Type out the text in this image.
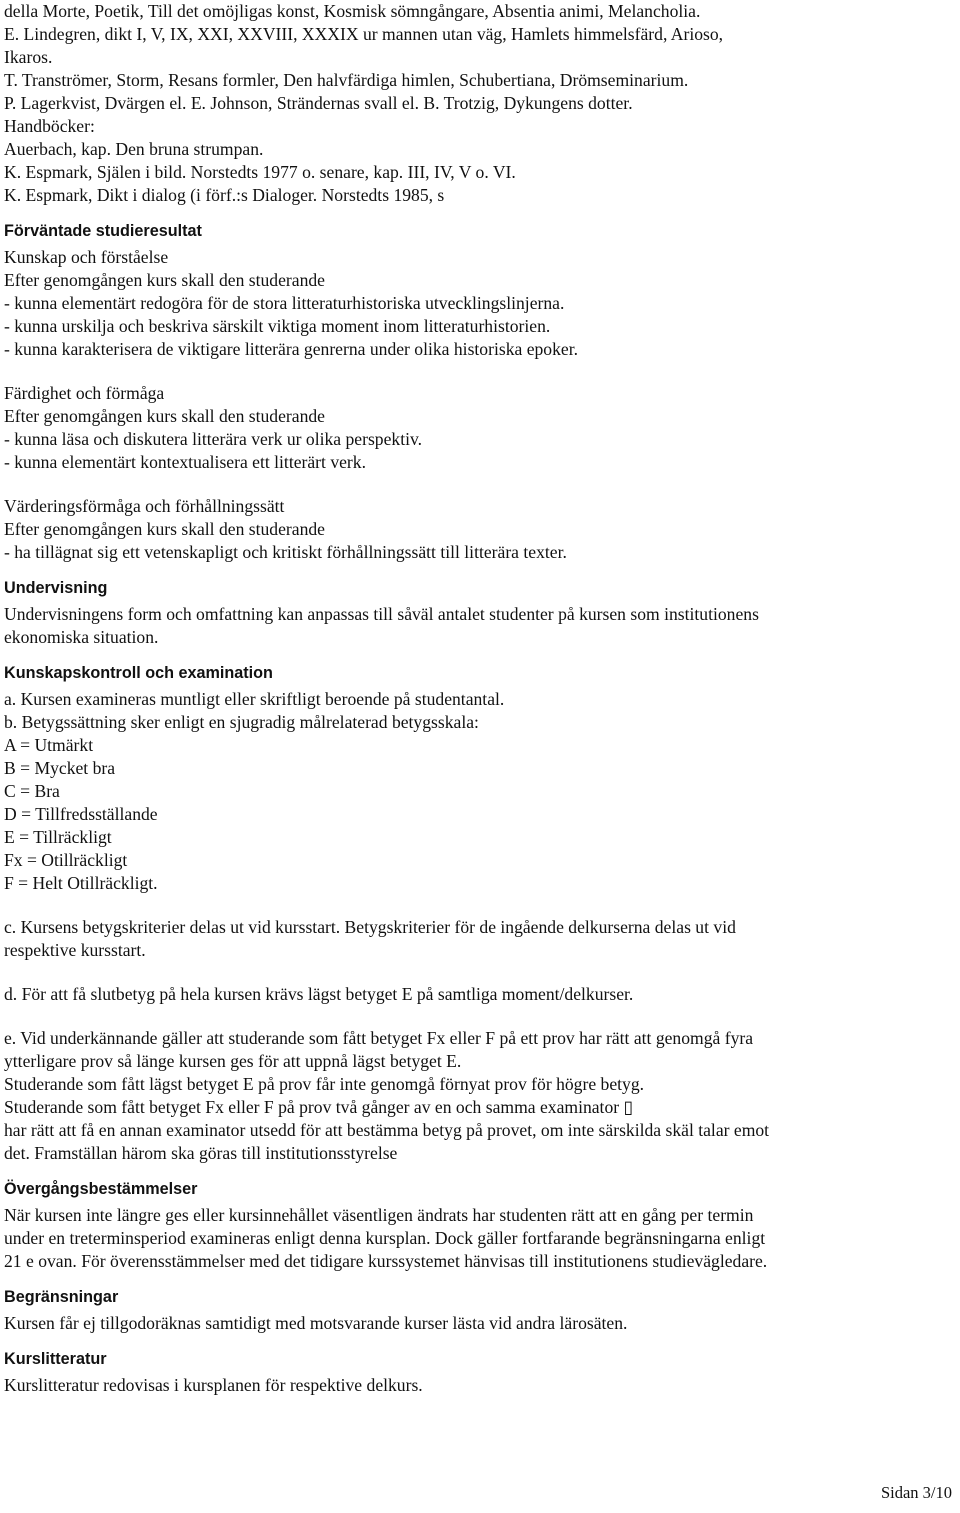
della Morte, Poetik, Till det omöjligas konst, Kosmisk sömngångare, Absentia animi, Melancholia.
E. Lindegren, dikt I, V, IX, XXI, XXVIII, XXXIX ur mannen utan väg, Hamlets himmelsfärd, Arioso,
Ikaros.
T. Tranströmer, Storm, Resans formler, Den halvfärdiga himlen, Schubertiana, Drömseminarium.
P. Lagerkvist, Dvärgen el. E. Johnson, Strändernas svall el. B. Trotzig, Dykungens dotter.
Handböcker:
Auerbach, kap. Den bruna strumpan.
K. Espmark, Själen i bild. Norstedts 1977 o. senare, kap. III, IV, V o. VI.
K. Espmark, Dikt i dialog (i förf.:s Dialoger. Norstedts 1985, s
Förväntade studieresultat
Kunskap och förståelse
Efter genomgången kurs skall den studerande
- kunna elementärt redogöra för de stora litteraturhistoriska utvecklingslinjerna.
- kunna urskilja och beskriva särskilt viktiga moment inom litteraturhistorien.
- kunna karakterisera de viktigare litterära genrerna under olika historiska epoker.
Färdighet och förmåga
Efter genomgången kurs skall den studerande
- kunna läsa och diskutera litterära verk ur olika perspektiv.
- kunna elementärt kontextualisera ett litterärt verk.
Värderingsförmåga och förhållningssätt
Efter genomgången kurs skall den studerande
- ha tillägnat sig ett vetenskapligt och kritiskt förhållningssätt till litterära texter.
Undervisning
Undervisningens form och omfattning kan anpassas till såväl antalet studenter på kursen som institutionens
ekonomiska situation.
Kunskapskontroll och examination
a. Kursen examineras muntligt eller skriftligt beroende på studentantal.
b. Betygssättning sker enligt en sjugradig målrelaterad betygsskala:
A = Utmärkt
B = Mycket bra
C = Bra
D = Tillfredsställande
E = Tillräckligt
Fx = Otillräckligt
F = Helt Otillräckligt.
c. Kursens betygskriterier delas ut vid kursstart. Betygskriterier för de ingående delkurserna delas ut vid
respektive kursstart.
d. För att få slutbetyg på hela kursen krävs lägst betyget E på samtliga moment/delkurser.
e. Vid underkännande gäller att studerande som fått betyget Fx eller F på ett prov har rätt att genomgå fyra
ytterligare prov så länge kursen ges för att uppnå lägst betyget E.
Studerande som fått lägst betyget E på prov får inte genomgå förnyat prov för högre betyg.
Studerande som fått betyget Fx eller F på prov två gånger av en och samma examinator ▯
har rätt att få en annan examinator utsedd för att bestämma betyg på provet, om inte särskilda skäl talar emot
det. Framställan härom ska göras till institutionsstyrelse
Övergångsbestämmelser
När kursen inte längre ges eller kursinnehållet väsentligen ändrats har studenten rätt att en gång per termin
under en treterminsperiod examineras enligt denna kursplan. Dock gäller fortfarande begränsningarna enligt
21 e ovan. För överensstämmelser med det tidigare kurssystemet hänvisas till institutionens studievägledare.
Begränsningar
Kursen får ej tillgodoräknas samtidigt med motsvarande kurser lästa vid andra lärosäten.
Kurslitteratur
Kurslitteratur redovisas i kursplanen för respektive delkurs.
Sidan 3/10
